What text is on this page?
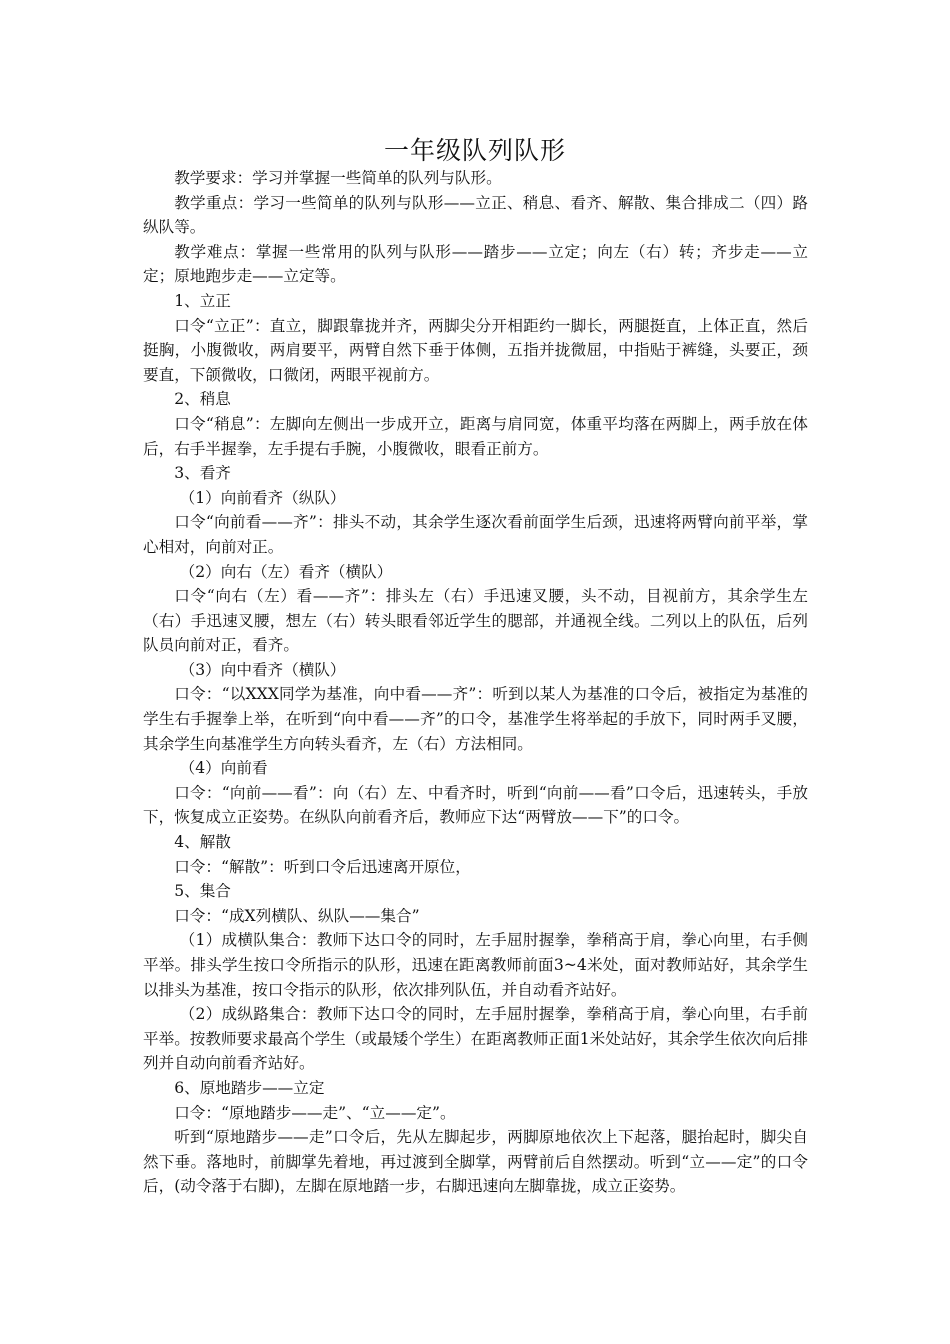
一年级队列队形

教学要求：学习并掌握一些简单的队列与队形。

教学重点：学习一些简单的队列与队形——立正、稍息、看齐、解散、集合排成二（四）路纵队等。

教学难点：掌握一些常用的队列与队形——踏步——立定；向左（右）转；齐步走——立定；原地跑步走——立定等。

1、立正

口令“立正”：直立，脚跟靠拢并齐，两脚尖分开相距约一脚长，两腿挺直，上体正直，然后挺胸，小腹微收，两肩要平，两臂自然下垂于体侧，五指并拢微屈，中指贴于裤缝，头要正，颈要直，下颌微收，口微闭，两眼平视前方。

2、稍息

口令“稍息”：左脚向左侧出一步成开立，距离与肩同宽，体重平均落在两脚上，两手放在体后，右手半握拳，左手提右手腕，小腹微收，眼看正前方。

3、看齐

（1）向前看齐（纵队）

口令“向前看——齐”：排头不动，其余学生逐次看前面学生后颈，迅速将两臂向前平举，掌心相对，向前对正。

（2）向右（左）看齐（横队）

口令“向右（左）看——齐”：排头左（右）手迅速叉腰，头不动，目视前方，其余学生左（右）手迅速叉腰，想左（右）转头眼看邻近学生的腮部，并通视全线。二列以上的队伍，后列队员向前对正，看齐。

（3）向中看齐（横队）

口令：“以XXX同学为基准，向中看——齐”：听到以某人为基准的口令后，被指定为基准的学生右手握拳上举，在听到“向中看——齐”的口令，基准学生将举起的手放下，同时两手叉腰，其余学生向基准学生方向转头看齐，左（右）方法相同。

（4）向前看

口令：“向前——看”：向（右）左、中看齐时，听到“向前——看”口令后，迅速转头，手放下，恢复成立正姿势。在纵队向前看齐后，教师应下达“两臂放——下”的口令。

4、解散

口令：“解散”：听到口令后迅速离开原位，

5、集合

口令：“成X列横队、纵队——集合”

（1）成横队集合：教师下达口令的同时，左手屈肘握拳，拳稍高于肩，拳心向里，右手侧平举。排头学生按口令所指示的队形，迅速在距离教师前面3~4米处，面对教师站好，其余学生以排头为基准，按口令指示的队形，依次排列队伍，并自动看齐站好。

（2）成纵路集合：教师下达口令的同时，左手屈肘握拳，拳稍高于肩，拳心向里，右手前平举。按教师要求最高个学生（或最矮个学生）在距离教师正面1米处站好，其余学生依次向后排列并自动向前看齐站好。

6、原地踏步——立定

口令：“原地踏步——走”、“立——定”。

听到“原地踏步——走”口令后，先从左脚起步，两脚原地依次上下起落，腿抬起时，脚尖自然下垂。落地时，前脚掌先着地，再过渡到全脚掌，两臂前后自然摆动。听到“立——定”的口令后，(动令落于右脚)，左脚在原地踏一步，右脚迅速向左脚靠拢，成立正姿势。
